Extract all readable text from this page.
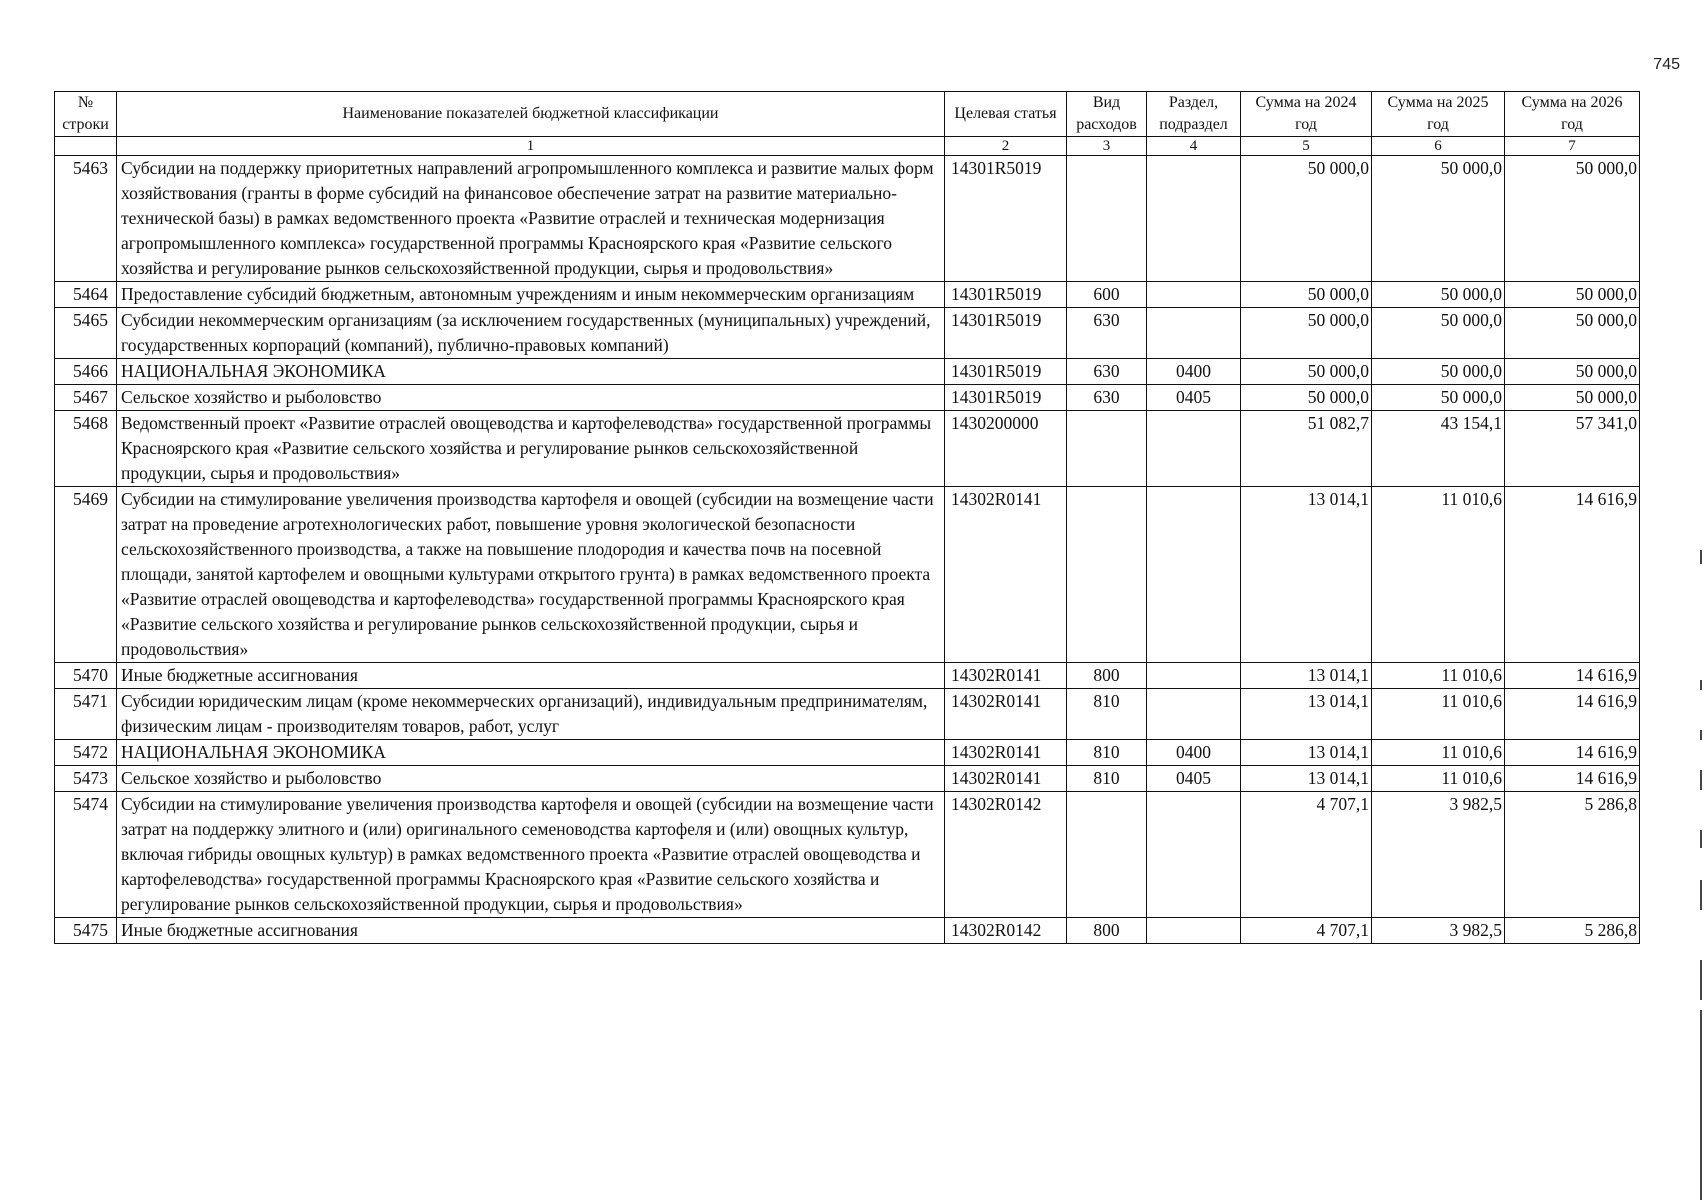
745
№ строки	Наименование показателей бюджетной классификации	Целевая статья	Вид расходов	Раздел, подраздел	Сумма на 2024 год	Сумма на 2025 год	Сумма на 2026 год
	1	2	3	4	5	6	7
5463	Субсидии на поддержку приоритетных направлений агропромышленного комплекса и развитие малых форм хозяйствования (гранты в форме субсидий на финансовое обеспечение затрат на развитие материально-технической базы) в рамках ведомственного проекта «Развитие отраслей и техническая модернизация агропромышленного комплекса» государственной программы Красноярского края «Развитие сельского хозяйства и регулирование рынков сельскохозяйственной продукции, сырья и продовольствия»	14301R5019			50 000,0	50 000,0	50 000,0
5464	Предоставление субсидий бюджетным, автономным учреждениям и иным некоммерческим организациям	14301R5019	600		50 000,0	50 000,0	50 000,0
5465	Субсидии некоммерческим организациям (за исключением государственных (муниципальных) учреждений, государственных корпораций (компаний), публично-правовых компаний)	14301R5019	630		50 000,0	50 000,0	50 000,0
5466	НАЦИОНАЛЬНАЯ ЭКОНОМИКА	14301R5019	630	0400	50 000,0	50 000,0	50 000,0
5467	Сельское хозяйство и рыболовство	14301R5019	630	0405	50 000,0	50 000,0	50 000,0
5468	Ведомственный проект «Развитие отраслей овощеводства и картофелеводства» государственной программы Красноярского края «Развитие сельского хозяйства и регулирование рынков сельскохозяйственной продукции, сырья и продовольствия»	1430200000			51 082,7	43 154,1	57 341,0
5469	Субсидии на стимулирование увеличения производства картофеля и овощей (субсидии на возмещение части затрат на проведение агротехнологических работ, повышение уровня экологической безопасности сельскохозяйственного производства, а также на повышение плодородия и качества почв на посевной площади, занятой картофелем и овощными культурами открытого грунта) в рамках ведомственного проекта «Развитие отраслей овощеводства и картофелеводства» государственной программы Красноярского края «Развитие сельского хозяйства и регулирование рынков сельскохозяйственной продукции, сырья и продовольствия»	14302R0141			13 014,1	11 010,6	14 616,9
5470	Иные бюджетные ассигнования	14302R0141	800		13 014,1	11 010,6	14 616,9
5471	Субсидии юридическим лицам (кроме некоммерческих организаций), индивидуальным предпринимателям, физическим лицам - производителям товаров, работ, услуг	14302R0141	810		13 014,1	11 010,6	14 616,9
5472	НАЦИОНАЛЬНАЯ ЭКОНОМИКА	14302R0141	810	0400	13 014,1	11 010,6	14 616,9
5473	Сельское хозяйство и рыболовство	14302R0141	810	0405	13 014,1	11 010,6	14 616,9
5474	Субсидии на стимулирование увеличения производства картофеля и овощей (субсидии на возмещение части затрат на поддержку элитного и (или) оригинального семеноводства картофеля и (или) овощных культур, включая гибриды овощных культур) в рамках ведомственного проекта «Развитие отраслей овощеводства и картофелеводства» государственной программы Красноярского края «Развитие сельского хозяйства и регулирование рынков сельскохозяйственной продукции, сырья и продовольствия»	14302R0142			4 707,1	3 982,5	5 286,8
5475	Иные бюджетные ассигнования	14302R0142	800		4 707,1	3 982,5	5 286,8
